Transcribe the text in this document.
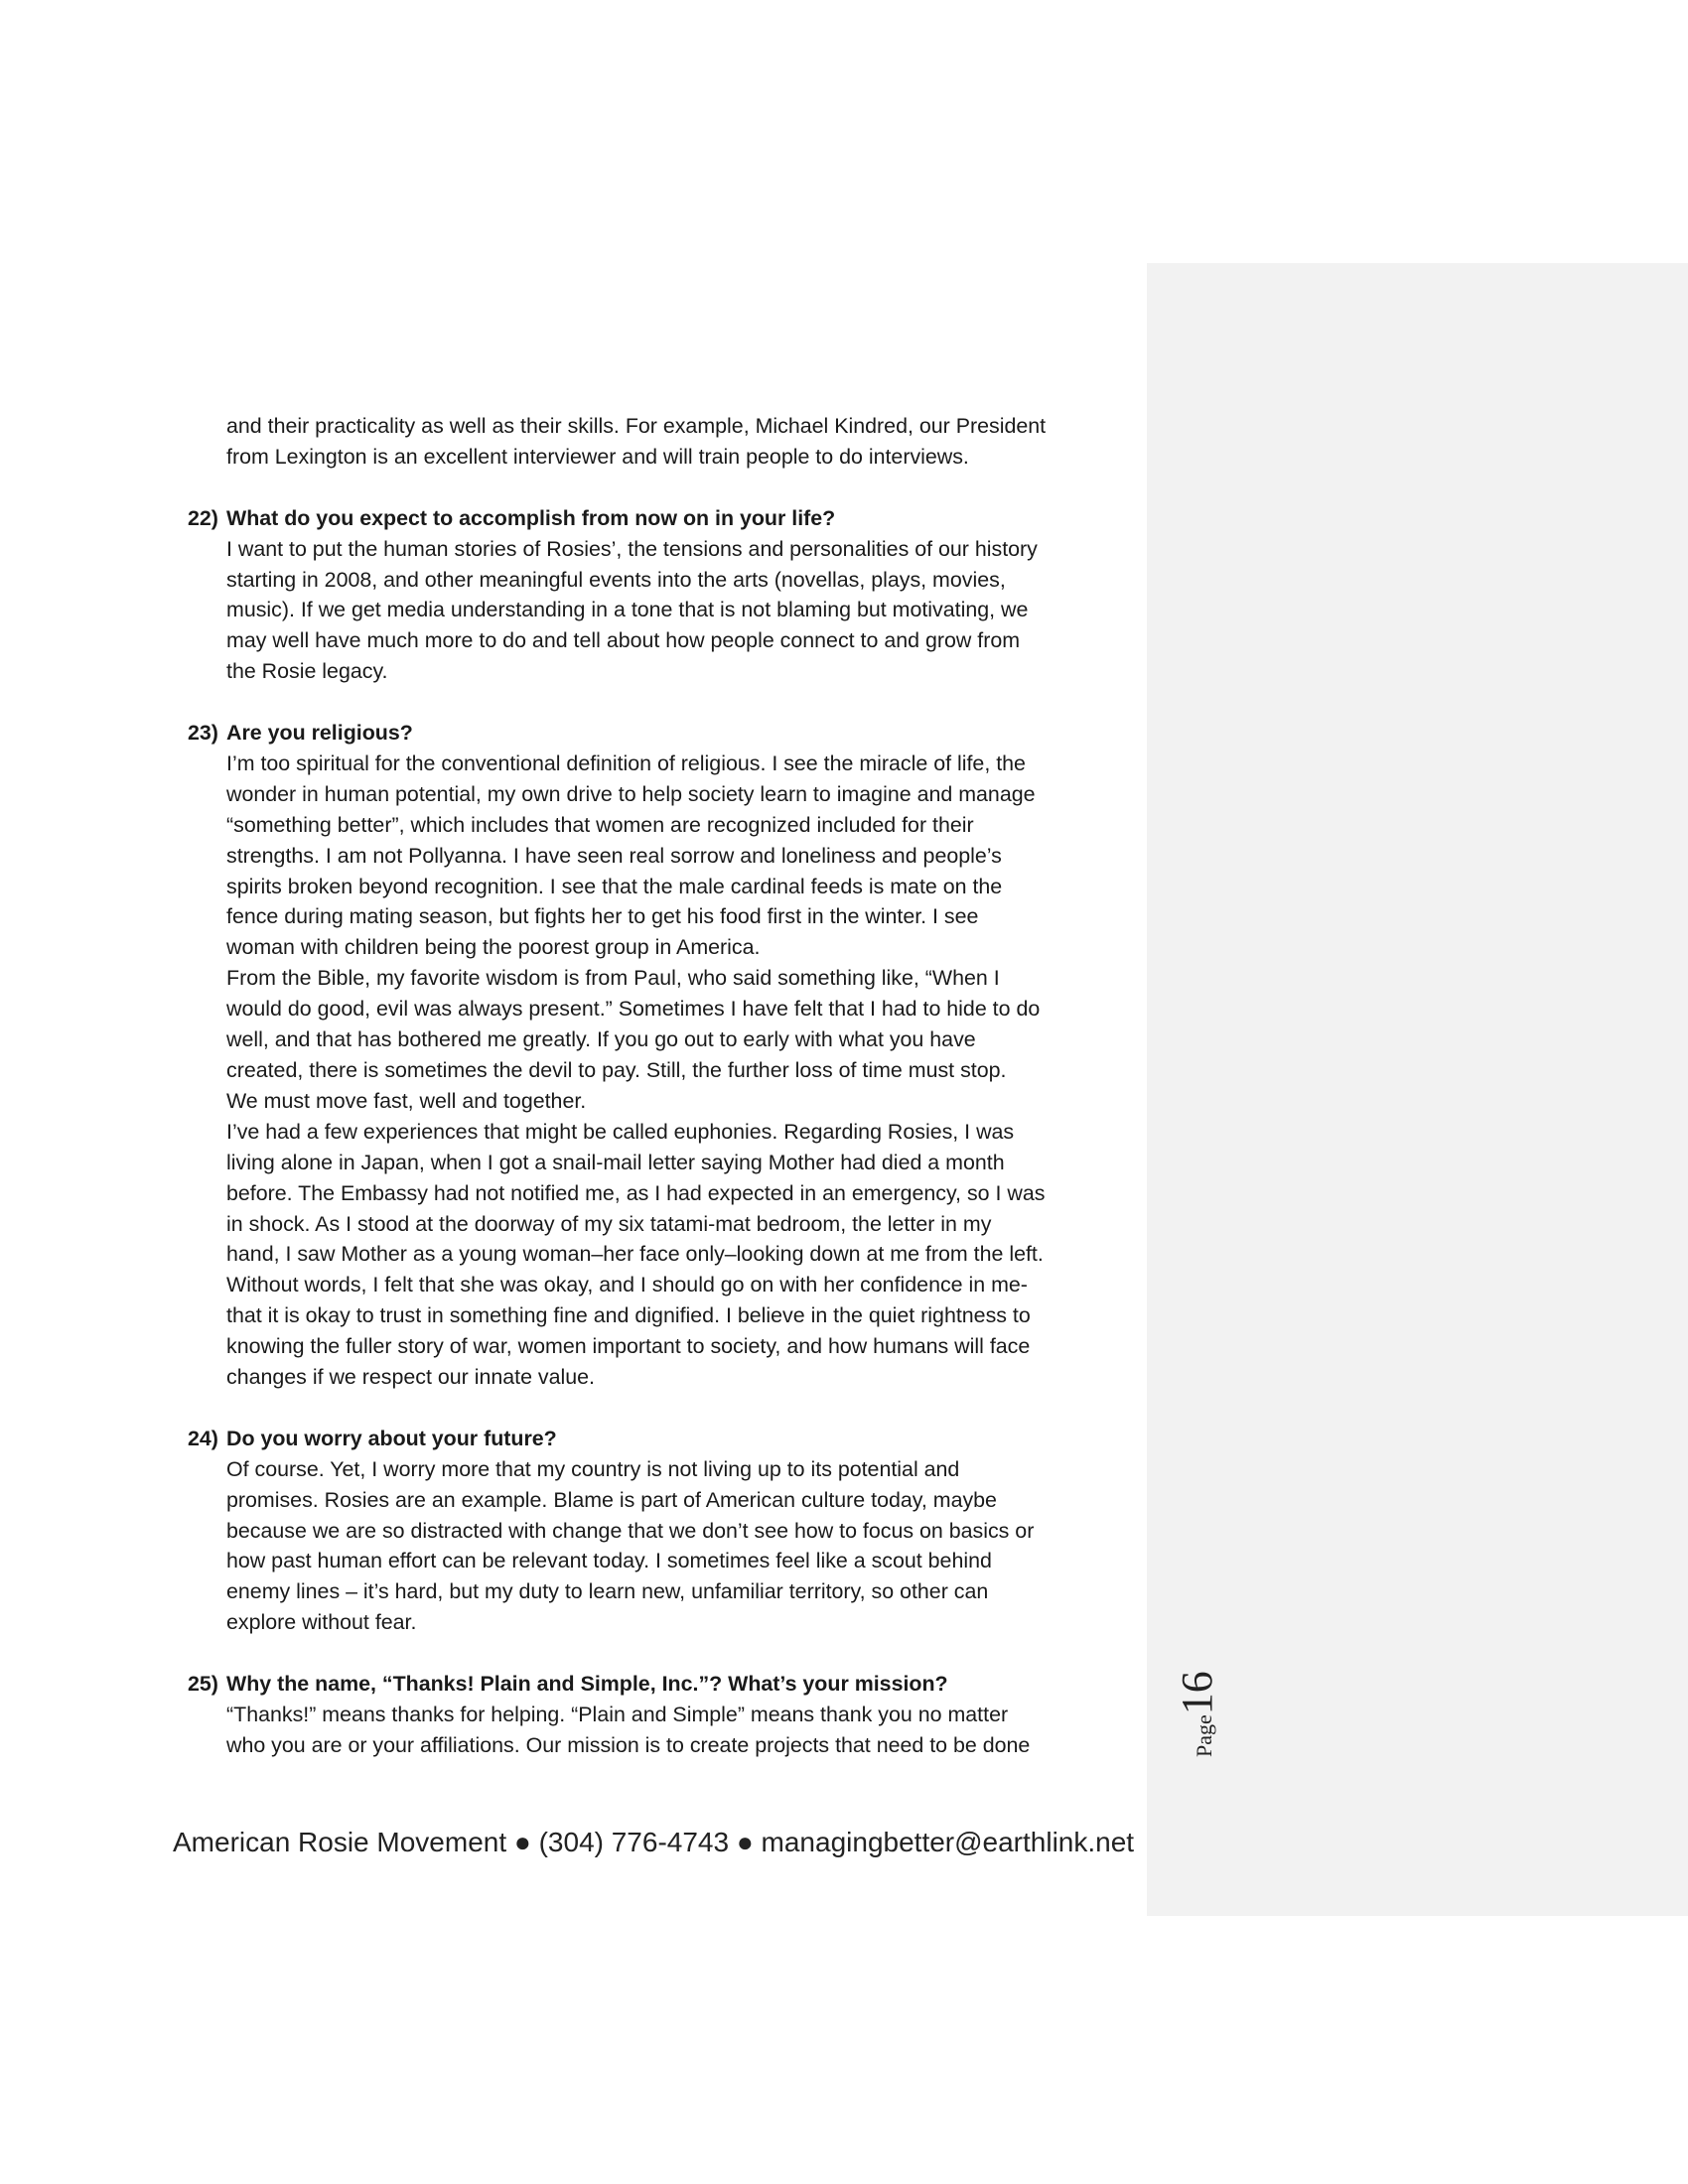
and their practicality as well as their skills. For example, Michael Kindred, our President
from Lexington is an excellent interviewer and will train people to do interviews.

22) What do you expect to accomplish from now on in your life?

I want to put the human stories of Rosies’, the tensions and personalities of our history
starting in 2008, and other meaningful events into the arts (novellas, plays, movies,
music). If we get media understanding in a tone that is not blaming but motivating, we
may well have much more to do and tell about how people connect to and grow from
the Rosie legacy.

23) Are you religious?

I’m too spiritual for the conventional definition of religious. I see the miracle of life, the
wonder in human potential, my own drive to help society learn to imagine and manage
“something better”, which includes that women are recognized included for their
strengths. I am not Pollyanna. I have seen real sorrow and loneliness and people’s
spirits broken beyond recognition. I see that the male cardinal feeds is mate on the
fence during mating season, but fights her to get his food first in the winter. I see
woman with children being the poorest group in America.

From the Bible, my favorite wisdom is from Paul, who said something like, “When I
would do good, evil was always present.” Sometimes I have felt that I had to hide to do
well, and that has bothered me greatly. If you go out to early with what you have
created, there is sometimes the devil to pay. Still, the further loss of time must stop.
We must move fast, well and together.

I’ve had a few experiences that might be called euphonies. Regarding Rosies, I was
living alone in Japan, when I got a snail-mail letter saying Mother had died a month
before. The Embassy had not notified me, as I had expected in an emergency, so I was
in shock. As I stood at the doorway of my six tatami-mat bedroom, the letter in my
hand, I saw Mother as a young woman–her face only–looking down at me from the left.
Without words, I felt that she was okay, and I should go on with her confidence in me-
that it is okay to trust in something fine and dignified. I believe in the quiet rightness to
knowing the fuller story of war, women important to society, and how humans will face
changes if we respect our innate value.

24) Do you worry about your future?

Of course. Yet, I worry more that my country is not living up to its potential and
promises. Rosies are an example. Blame is part of American culture today, maybe
because we are so distracted with change that we don’t see how to focus on basics or
how past human effort can be relevant today. I sometimes feel like a scout behind
enemy lines – it’s hard, but my duty to learn new, unfamiliar territory, so other can
explore without fear.

25) Why the name, “Thanks! Plain and Simple, Inc.”? What’s your mission?

“Thanks!” means thanks for helping. “Plain and Simple” means thank you no matter
who you are or your affiliations. Our mission is to create projects that need to be done	Page16
American Rosie Movement ● (304) 776-4743 ● managingbetter@earthlink.net
